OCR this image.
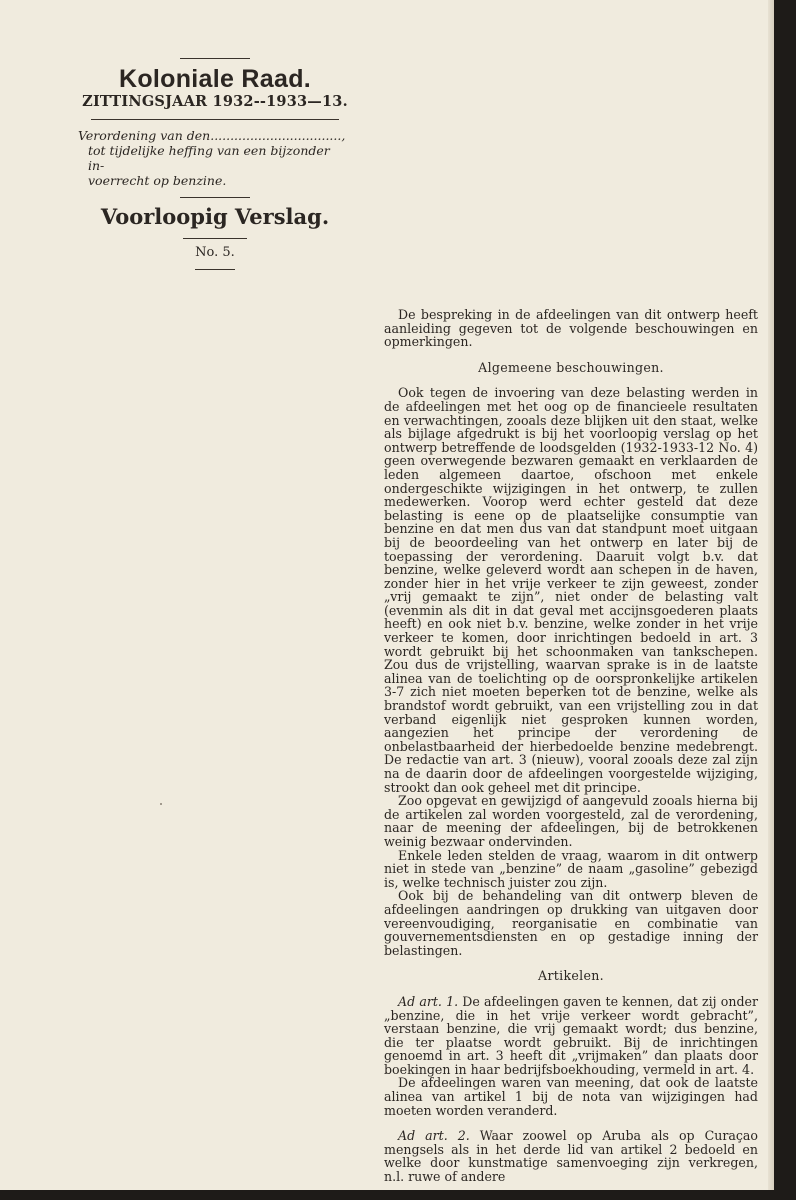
Koloniale Raad.
ZITTINGSJAAR 1932--1933—13.
Verordening van den.................................,
tot tijdelijke heffing van een bijzonder in-
voerrecht op benzine.
Voorloopig Verslag.
No. 5.

De bespreking in de afdeelingen van dit ontwerp heeft aanleiding gegeven tot de volgende beschouwingen en opmerkingen.

Algemeene beschouwingen.

Ook tegen de invoering van deze belasting werden in de afdeelingen met het oog op de financieele resultaten en verwachtingen, zooals deze blijken uit den staat, welke als bijlage afgedrukt is bij het voorloopig verslag op het ontwerp betreffende de loodsgelden (1932-1933-12 No. 4) geen overwegende bezwaren gemaakt en verklaarden de leden algemeen daartoe, ofschoon met enkele ondergeschikte wijzigingen in het ontwerp, te zullen medewerken. Voorop werd echter gesteld dat deze belasting is eene op de plaatselijke consumptie van benzine en dat men dus van dat standpunt moet uitgaan bij de beoordeeling van het ontwerp en later bij de toepassing der verordening. Daaruit volgt b.v. dat benzine, welke geleverd wordt aan schepen in de haven, zonder hier in het vrije verkeer te zijn geweest, zonder „vrij gemaakt te zijn”, niet onder de belasting valt (evenmin als dit in dat geval met accijnsgoederen plaats heeft) en ook niet b.v. benzine, welke zonder in het vrije verkeer te komen, door inrichtingen bedoeld in art. 3 wordt gebruikt bij het schoonmaken van tankschepen. Zou dus de vrijstelling, waarvan sprake is in de laatste alinea van de toelichting op de oorspronkelijke artikelen 3-7 zich niet moeten beperken tot de benzine, welke als brandstof wordt gebruikt, van een vrijstelling zou in dat verband eigenlijk niet gesproken kunnen worden, aangezien het principe der verordening de onbelastbaarheid der hierbedoelde benzine medebrengt. De redactie van art. 3 (nieuw), vooral zooals deze zal zijn na de daarin door de afdeelingen voorgestelde wijziging, strookt dan ook geheel met dit principe.

Zoo opgevat en gewijzigd of aangevuld zooals hierna bij de artikelen zal worden voorgesteld, zal de verordening, naar de meening der afdeelingen, bij de betrokkenen weinig bezwaar ondervinden.

Enkele leden stelden de vraag, waarom in dit ontwerp niet in stede van „benzine” de naam „gasoline” gebezigd is, welke technisch juister zou zijn.

Ook bij de behandeling van dit ontwerp bleven de afdeelingen aandringen op drukking van uitgaven door vereenvoudiging, reorganisatie en combinatie van gouvernementsdiensten en op gestadige inning der belastingen.

Artikelen.

Ad art. 1. De afdeelingen gaven te kennen, dat zij onder „benzine, die in het vrije verkeer wordt gebracht”, verstaan benzine, die vrij gemaakt wordt; dus benzine, die ter plaatse wordt gebruikt. Bij de inrichtingen genoemd in art. 3 heeft dit „vrijmaken” dan plaats door boekingen in haar bedrijfsboekhouding, vermeld in art. 4.

De afdeelingen waren van meening, dat ook de laatste alinea van artikel 1 bij de nota van wijzigingen had moeten worden veranderd.

Ad art. 2. Waar zoowel op Aruba als op Curaçao mengsels als in het derde lid van artikel 2 bedoeld en welke door kunstmatige samenvoeging zijn verkregen, n.l. ruwe of andere
